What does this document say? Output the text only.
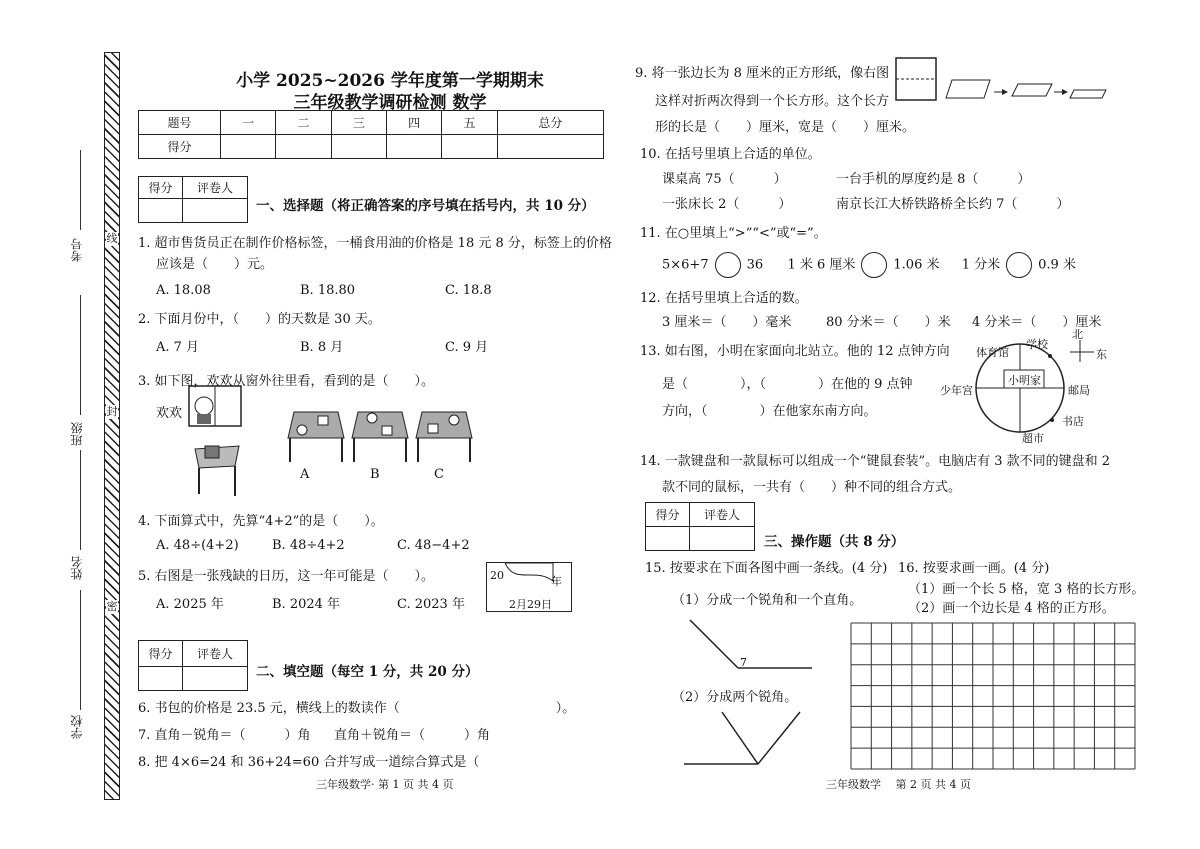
线
封
密
考号
班级
姓名
学校
小学 2025~2026 学年度第一学期期末
三年级教学调研检测 数学
题号	一	二	三	四	五	总分
得分						
得分	评卷人

一、选择题（将正确答案的序号填在括号内，共 10 分）
1. 超市售货员正在制作价格标签，一桶食用油的价格是 18 元 8 分，标签上的价格
应该是（　　）元。
A. 18.08	B. 18.80	C. 18.8
2. 下面月份中，（　　）的天数是 30 天。
A. 7 月	B. 8 月	C. 9 月
3. 如下图，欢欢从窗外往里看，看到的是（　　）。
欢欢
A	B	C
4. 下面算式中，先算“4+2”的是（　　）。
A. 48÷(4+2)	B. 48÷4+2	C. 48−4+2
5. 右图是一张残缺的日历，这一年可能是（　　）。
A. 2025 年	B. 2024 年	C. 2023 年
20	年
2月29日
得分	评卷人

二、填空题（每空 1 分，共 20 分）
6. 书包的价格是 23.5 元，横线上的数读作（　　　　　　　　　　　　）。
7. 直角－锐角＝（　　　）角 直角＋锐角＝（　　　）角
8. 把 4×6=24 和 36+24=60 合并写成一道综合算式是（
三年级数学· 第 1 页 共 4 页
9. 将一张边长为 8 厘米的正方形纸，像右图
这样对折两次得到一个长方形。这个长方
形的长是（　　）厘米，宽是（　　）厘米。
10. 在括号里填上合适的单位。
课桌高 75（　　　）	一台手机的厚度约是 8（　　　）
一张床长 2（　　　）	南京长江大桥铁路桥全长约 7（　　　）
11. 在○里填上“>”“<”或“=”。
5×6+7	36 1 米 6 厘米	1.06 米 1 分米	0.9 米
12. 在括号里填上合适的数。
3 厘米＝（　　）毫米	80 分米＝（　　）米 4 分米＝（　　）厘米
13. 如右图，小明在家面向北站立。他的 12 点钟方向
是（　　　　），（　　　　）在他的 9 点钟
方向，（　　　　）在他家东南方向。
北
东
学校
体育馆
小明家
少年宫	邮局
书店
超市
14. 一款键盘和一款鼠标可以组成一个“键鼠套装”。电脑店有 3 款不同的键盘和 2
款不同的鼠标，一共有（　　）种不同的组合方式。
得分	评卷人

三、操作题（共 8 分）
15. 按要求在下面各图中画一条线。(4 分)
（1）分成一个锐角和一个直角。
7
（2）分成两个锐角。
16. 按要求画一画。(4 分)
（1）画一个长 5 格，宽 3 格的长方形。
（2）画一个边长是 4 格的正方形。
三年级数学　 第 2 页 共 4 页
